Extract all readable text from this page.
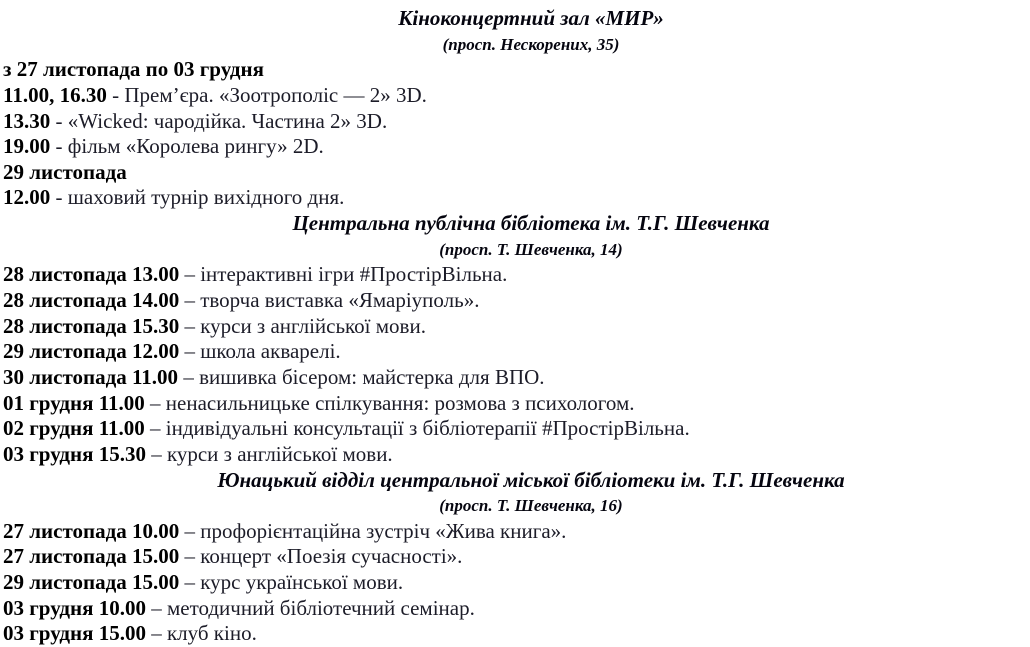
Кіноконцертний зал «МИР»
(просп. Нескорених, 35)
з 27 листопада по 03 грудня
11.00, 16.30 - Прем’єра. «Зоотрополіс — 2» 3D.
13.30 - «Wicked: чародійка. Частина 2» 3D.
19.00 - фільм «Королева рингу» 2D.
29 листопада
12.00 - шаховий турнір вихідного дня.
Центральна публічна бібліотека ім. Т.Г. Шевченка
(просп. Т. Шевченка, 14)
28 листопада 13.00 – інтерактивні ігри #ПростірВільна.
28 листопада 14.00 – творча виставка «Ямаріуполь».
28 листопада 15.30 – курси з англійської мови.
29 листопада 12.00 – школа акварелі.
30 листопада 11.00 – вишивка бісером: майстерка для ВПО.
01 грудня 11.00 – ненасильницьке спілкування: розмова з психологом.
02 грудня 11.00 – індивідуальні консультації з бібліотерапії #ПростірВільна.
03 грудня 15.30 – курси з англійської мови.
Юнацький відділ центральної міської бібліотеки ім. Т.Г. Шевченка
(просп. Т. Шевченка, 16)
27 листопада 10.00 – профорієнтаційна зустріч «Жива книга».
27 листопада 15.00 – концерт «Поезія сучасності».
29 листопада 15.00 – курс української мови.
03 грудня 10.00 – методичний бібліотечний семінар.
03 грудня 15.00 – клуб кіно.
